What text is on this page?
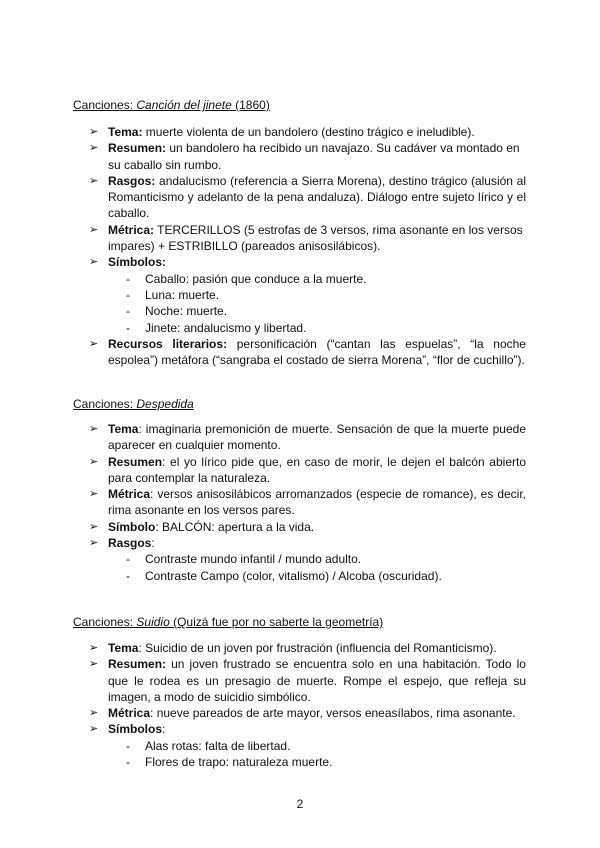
Canciones: Canción del jinete (1860)
➢ Tema: muerte violenta de un bandolero (destino trágico e ineludible).
➢ Resumen: un bandolero ha recibido un navajazo. Su cadáver va montado en su caballo sin rumbo.
➢ Rasgos: andalucismo (referencia a Sierra Morena), destino trágico (alusión al Romanticismo y adelanto de la pena andaluza). Diálogo entre sujeto lírico y el caballo.
➢ Métrica: TERCERILLOS (5 estrofas de 3 versos, rima asonante en los versos impares) + ESTRIBILLO (pareados anisosilábicos).
➢ Símbolos:
- Caballo: pasión que conduce a la muerte.
- Luna: muerte.
- Noche: muerte.
- Jinete: andalucismo y libertad.
➢ Recursos literarios: personificación (“cantan las espuelas”, “la noche espolea”) metáfora (“sangraba el costado de sierra Morena”, “flor de cuchillo”).
Canciones: Despedida
➢ Tema: imaginaria premonición de muerte. Sensación de que la muerte puede aparecer en cualquier momento.
➢ Resumen: el yo lírico pide que, en caso de morir, le dejen el balcón abierto para contemplar la naturaleza.
➢ Métrica: versos anisosilábicos arromanzados (especie de romance), es decir, rima asonante en los versos pares.
➢ Símbolo: BALCÓN: apertura a la vida.
➢ Rasgos:
- Contraste mundo infantil / mundo adulto.
- Contraste Campo (color, vitalismo) / Alcoba (oscuridad).
Canciones: Suidio (Quizá fue por no saberte la geometría)
➢ Tema: Suicidio de un joven por frustración (influencia del Romanticismo).
➢ Resumen: un joven frustrado se encuentra solo en una habitación. Todo lo que le rodea es un presagio de muerte. Rompe el espejo, que refleja su imagen, a modo de suicidio simbólico.
➢ Métrica: nueve pareados de arte mayor, versos eneasílabos, rima asonante.
➢ Símbolos:
- Alas rotas: falta de libertad.
- Flores de trapo: naturaleza muerte.
2
